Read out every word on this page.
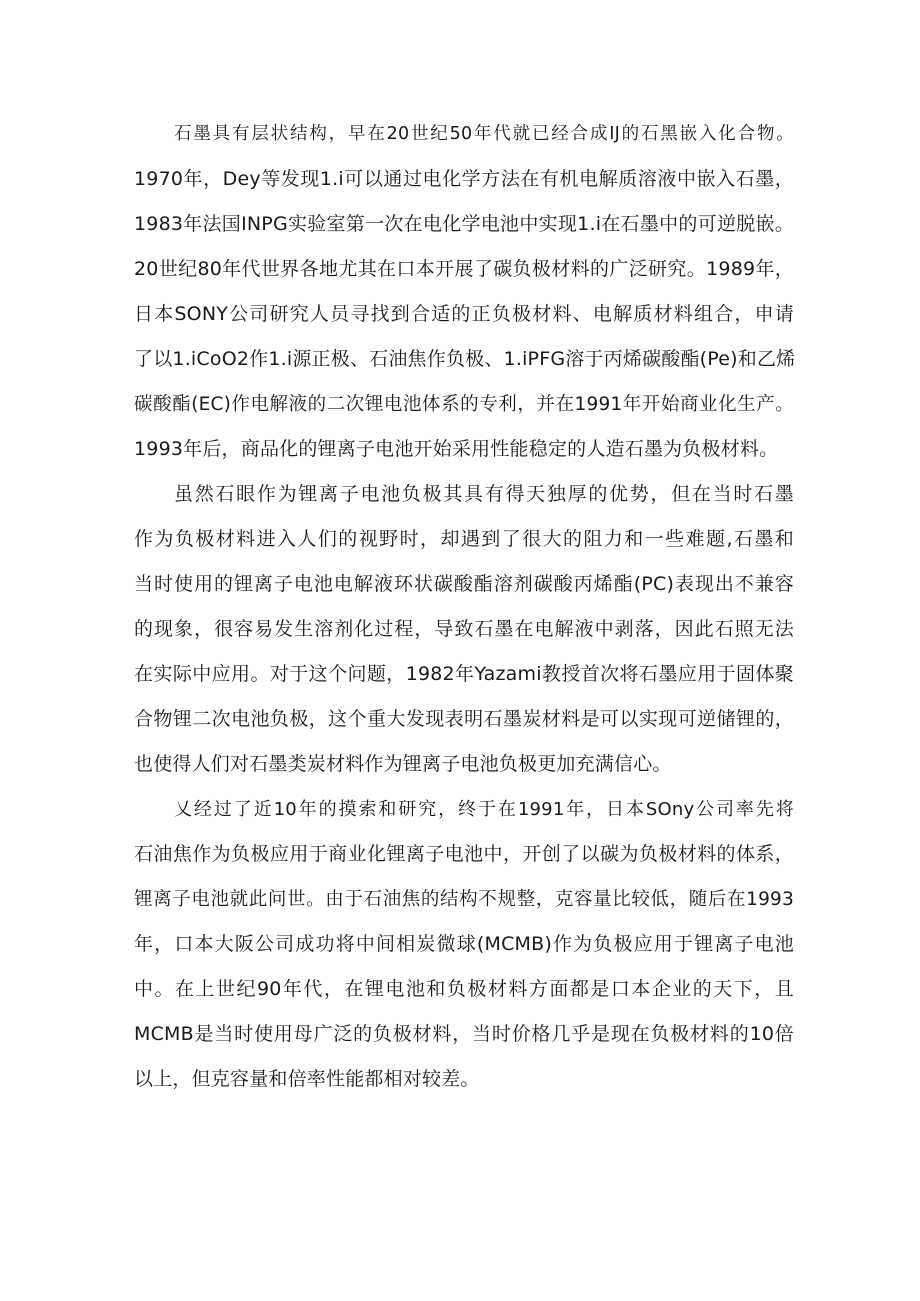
石墨具有层状结构，早在20世纪50年代就已经合成IJ的石黑嵌入化合物。
1970年，Dey等发现1.i可以通过电化学方法在有机电解质溶液中嵌入石墨，
1983年法国INPG实验室第一次在电化学电池中实现1.i在石墨中的可逆脱嵌。
20世纪80年代世界各地尤其在口本开展了碳负极材料的广泛研究。1989年，
日本SONY公司研究人员寻找到合适的正负极材料、电解质材料组合，申请
了以1.iCoO2作1.i源正极、石油焦作负极、1.iPFG溶于丙烯碳酸酯(Pe)和乙烯
碳酸酯(EC)作电解液的二次锂电池体系的专利，并在1991年开始商业化生产。
1993年后，商品化的锂离子电池开始采用性能稳定的人造石墨为负极材料。
虽然石眼作为锂离子电池负极其具有得天独厚的优势，但在当时石墨
作为负极材料进入人们的视野时，却遇到了很大的阻力和一些难题,石墨和
当时使用的锂离子电池电解液环状碳酸酯溶剂碳酸丙烯酯(PC)表现出不兼容
的现象，很容易发生溶剂化过程，导致石墨在电解液中剥落，因此石照无法
在实际中应用。对于这个问题，1982年Yazami教授首次将石墨应用于固体聚
合物锂二次电池负极，这个重大发现表明石墨炭材料是可以实现可逆储锂的，
也使得人们对石墨类炭材料作为锂离子电池负极更加充满信心。
乂经过了近10年的摸索和研究，终于在1991年，日本SOny公司率先将
石油焦作为负极应用于商业化锂离子电池中，开创了以碳为负极材料的体系，
锂离子电池就此问世。由于石油焦的结构不规整，克容量比较低，随后在1993
年，口本大阪公司成功将中间相炭微球(MCMB)作为负极应用于锂离子电池
中。在上世纪90年代，在锂电池和负极材料方面都是口本企业的天下，且
MCMB是当时使用母广泛的负极材料，当时价格几乎是现在负极材料的10倍
以上，但克容量和倍率性能都相对较差。
